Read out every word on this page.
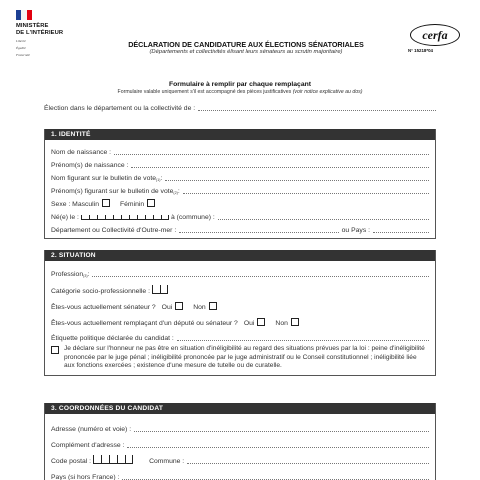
MINISTÈRE
DE L'INTÉRIEUR
Liberté
Égalité
Fraternité
DÉCLARATION DE CANDIDATURE AUX ÉLECTIONS SÉNATORIALES
(Départements et collectivités élisant leurs sénateurs au scrutin majoritaire)
cerfa
N° 15218*04
Formulaire à remplir par chaque remplaçant
Formulaire valable uniquement s'il est accompagné des pièces justificatives (voir notice explicative au dos)
Élection dans le département ou la collectivité de :
1. IDENTITÉ
Nom de naissance :
Prénom(s) de naissance :
Nom figurant sur le bulletin de vote$_{(1)}$ :
Prénom(s) figurant sur le bulletin de vote$_{(2)}$ :
Sexe : Masculin	Féminin
Né(e) le :	à (commune) :
Département ou Collectivité d'Outre-mer :	ou Pays :
2. SITUATION
Profession$_{(3)}$ :
Catégorie socio-professionnelle :
Êtes-vous actuellement sénateur ? Oui	Non
Êtes-vous actuellement remplaçant d'un député ou sénateur ? Oui	Non
Étiquette politique déclarée du candidat :
Je déclare sur l'honneur ne pas être en situation d'inéligibilité au regard des situations prévues par la loi : peine d'inéligibilité prononcée par le juge pénal ; inéligibilité prononcée par le juge administratif ou le Conseil constitutionnel ; inéligibilité liée aux fonctions exercées ; existence d'une mesure de tutelle ou de curatelle.
3. COORDONNÉES DU CANDIDAT
Adresse (numéro et voie) :
Complément d'adresse :
Code postal :	Commune :
Pays (si hors France) :
